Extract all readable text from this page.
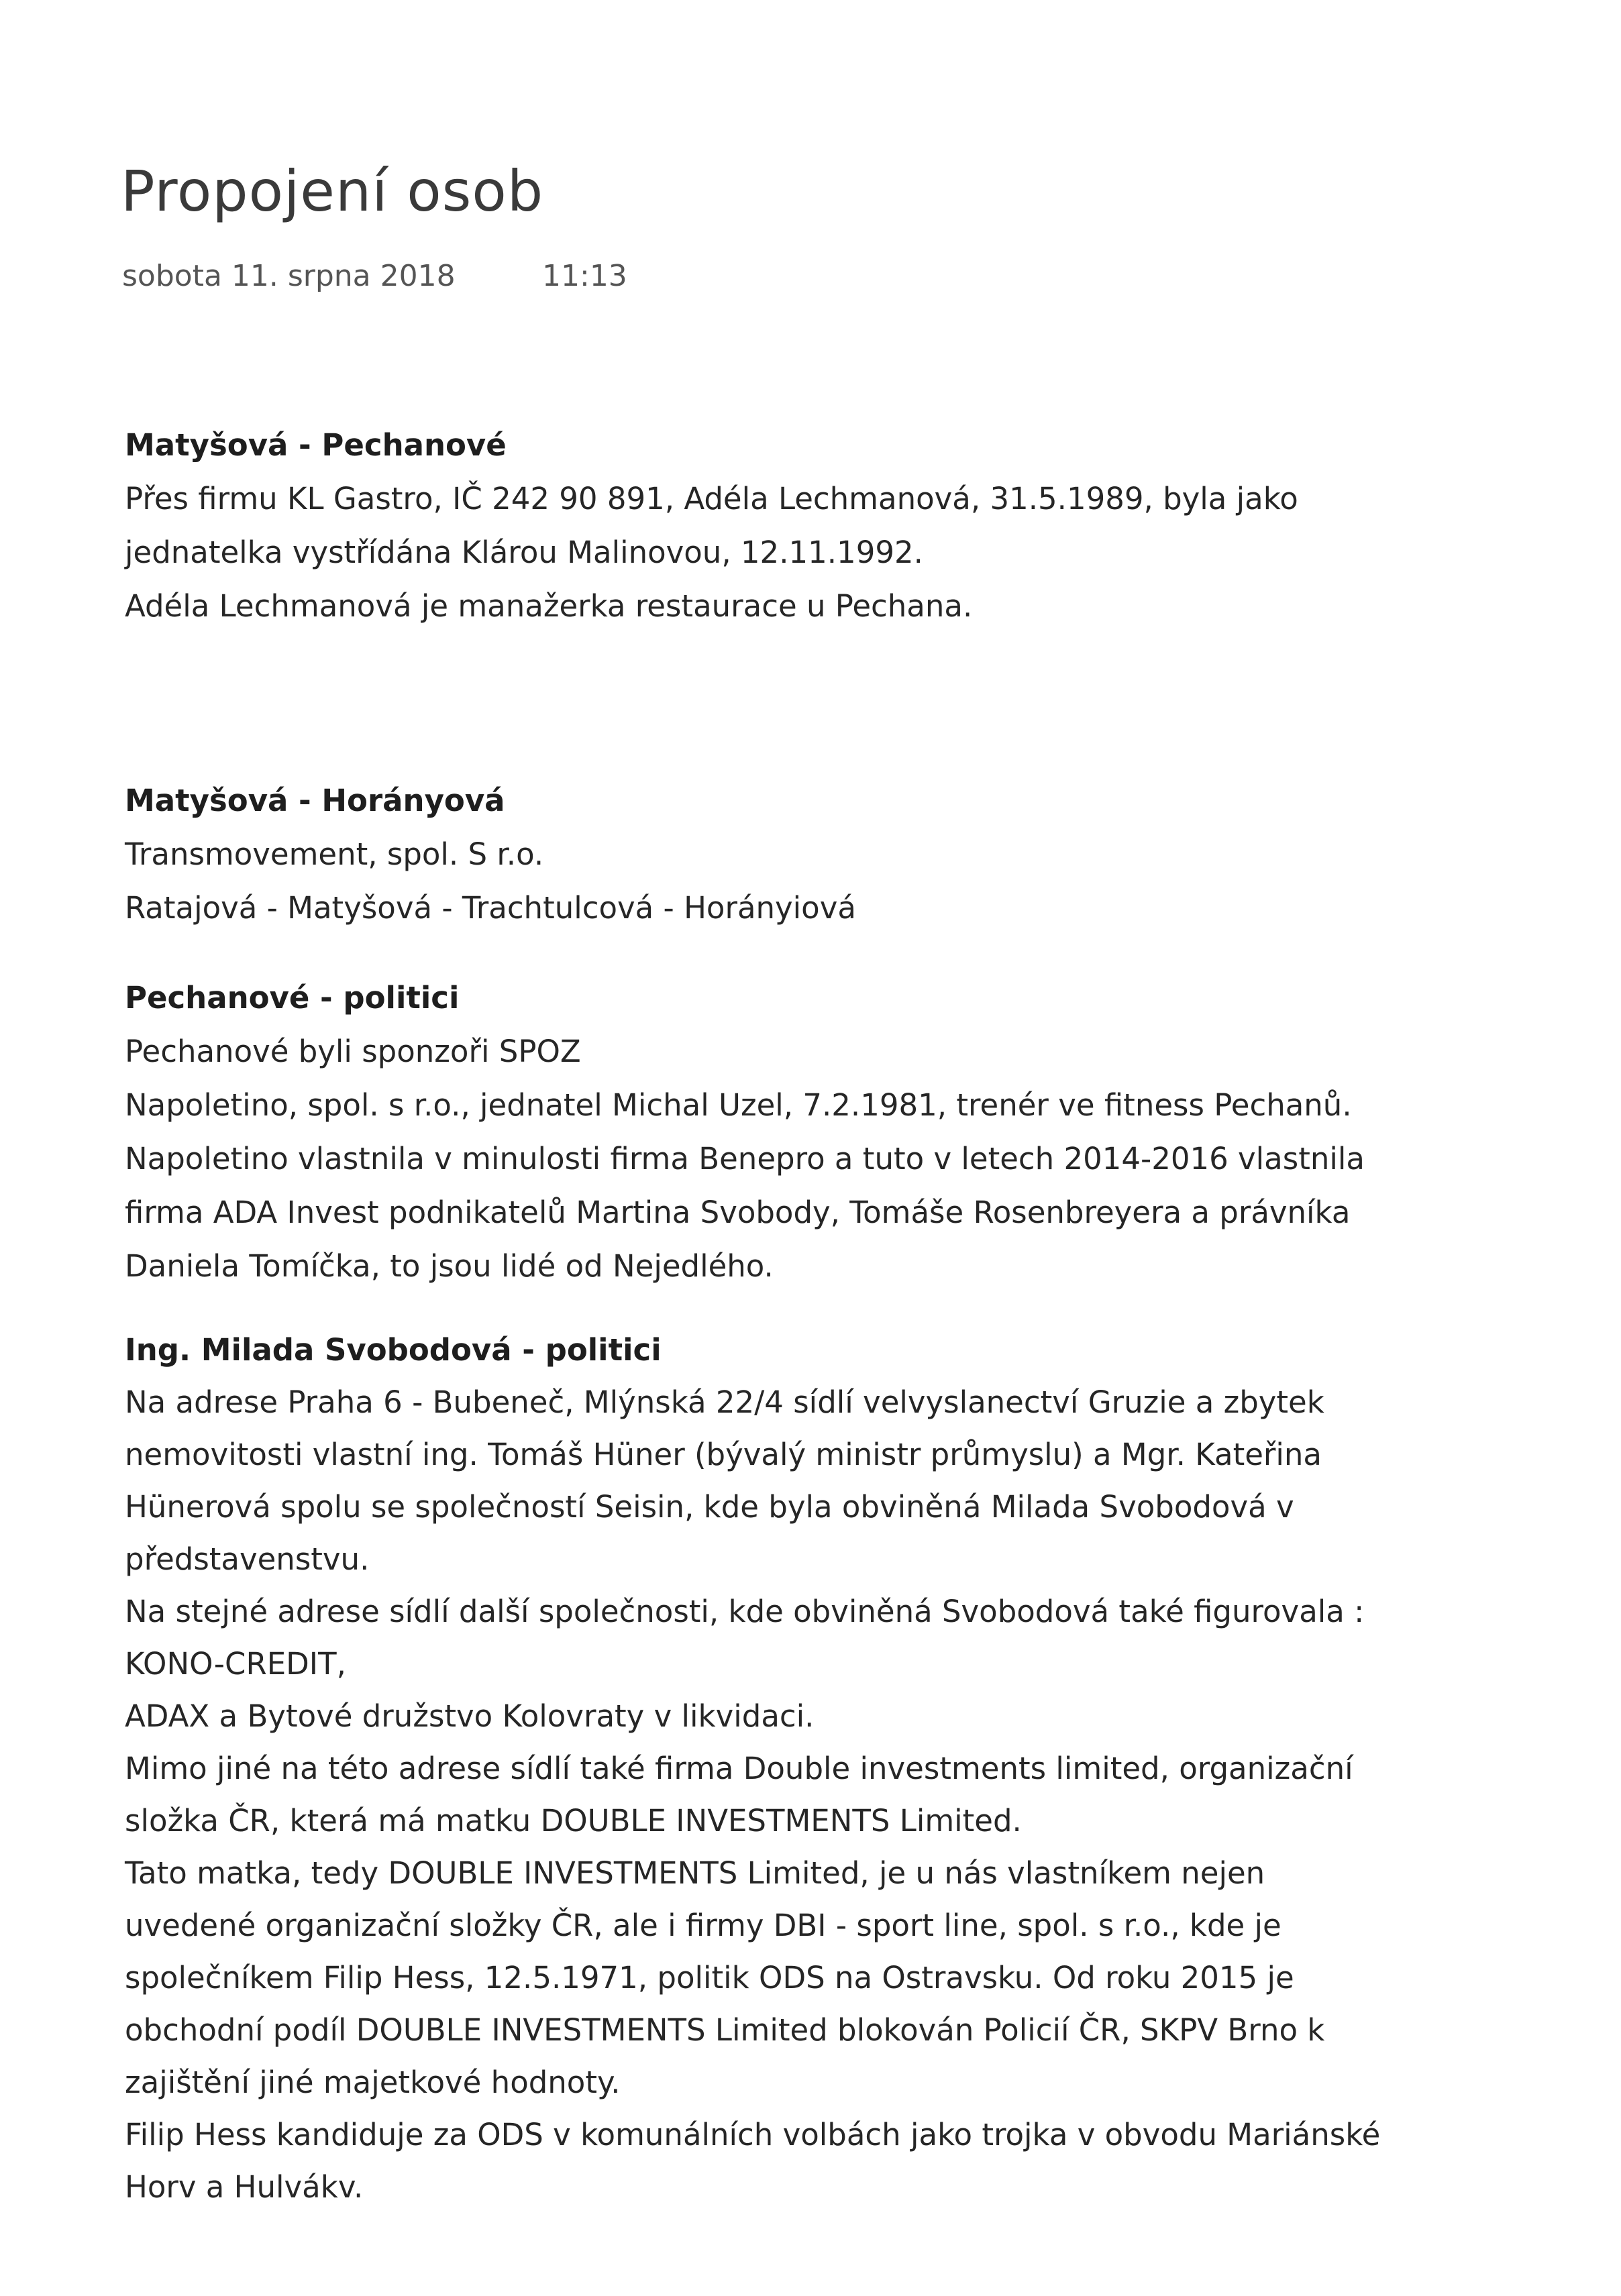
Propojení osob
sobota 11. srpna 2018	11:13
Matyšová - Pechanové
Přes firmu KL Gastro, IČ 242 90 891, Adéla Lechmanová, 31.5.1989, byla jako
jednatelka vystřídána Klárou Malinovou, 12.11.1992.
Adéla Lechmanová je manažerka restaurace u Pechana.
Matyšová - Horányová
Transmovement, spol. S r.o.
Ratajová - Matyšová - Trachtulcová - Horányiová
Pechanové - politici
Pechanové byli sponzoři SPOZ
Napoletino, spol. s r.o., jednatel Michal Uzel, 7.2.1981, trenér ve fitness Pechanů.
Napoletino vlastnila v minulosti firma Benepro a tuto v letech 2014-2016 vlastnila
firma ADA Invest podnikatelů Martina Svobody, Tomáše Rosenbreyera a právníka
Daniela Tomíčka, to jsou lidé od Nejedlého.
Ing. Milada Svobodová - politici
Na adrese Praha 6 - Bubeneč, Mlýnská 22/4 sídlí velvyslanectví Gruzie a zbytek
nemovitosti vlastní ing. Tomáš Hüner (bývalý ministr průmyslu) a Mgr. Kateřina
Hünerová spolu se společností Seisin, kde byla obviněná Milada Svobodová v
představenstvu.
Na stejné adrese sídlí další společnosti, kde obviněná Svobodová také figurovala :
KONO-CREDIT,
ADAX a Bytové družstvo Kolovraty v likvidaci.
Mimo jiné na této adrese sídlí také firma Double investments limited, organizační
složka ČR, která má matku DOUBLE INVESTMENTS Limited.
Tato matka, tedy DOUBLE INVESTMENTS Limited, je u nás vlastníkem nejen
uvedené organizační složky ČR, ale i firmy DBI - sport line, spol. s r.o., kde je
společníkem Filip Hess, 12.5.1971, politik ODS na Ostravsku. Od roku 2015 je
obchodní podíl DOUBLE INVESTMENTS Limited blokován Policií ČR, SKPV Brno k
zajištění jiné majetkové hodnoty.
Filip Hess kandiduje za ODS v komunálních volbách jako trojka v obvodu Mariánské
Horv a Hulvákv.
